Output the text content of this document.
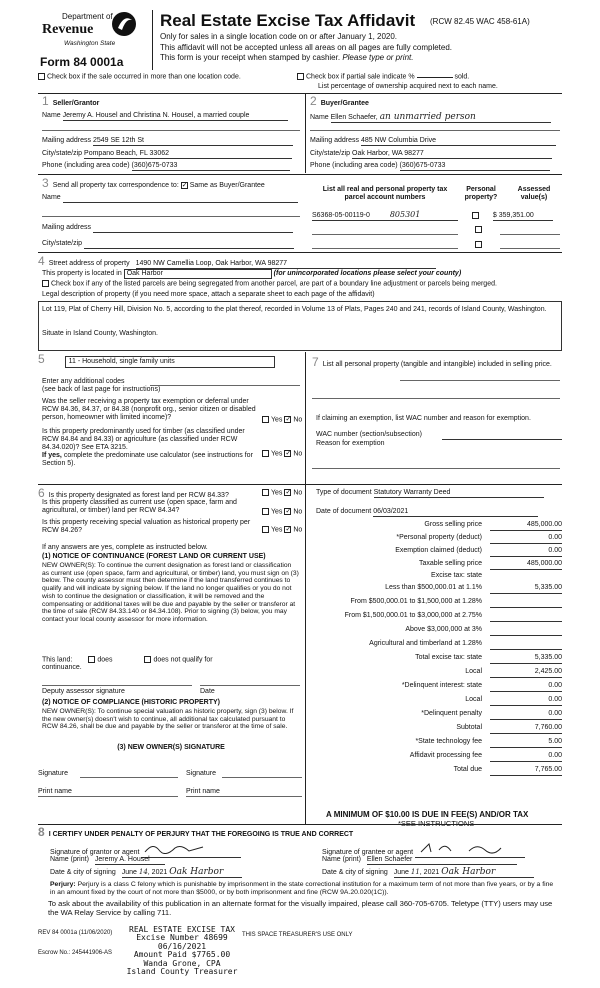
Department of
Revenue
Washington State
Form 84 0001a
Real Estate Excise Tax Affidavit (RCW 82.45 WAC 458-61A)
Only for sales in a single location code on or after January 1, 2020.
This affidavit will not be accepted unless all areas on all pages are fully completed.
This form is your receipt when stamped by cashier. Please type or print.
Check box if the sale occurred in more than one location code.	Check box if partial sale indicate %	sold.
List percentage of ownership acquired next to each name.
1 Seller/Grantor
Name Jeremy A. Housel and Christina N. Housel, a married couple
Mailing address 2549 SE 12th St
City/state/zip Pompano Beach, FL 33062
Phone (including area code) (360)675-0733
2 Buyer/Grantee
Name Ellen Schaefer, an unmarried person
Mailing address 485 NW Columbia Drive
City/state/zip Oak Harbor, WA 98277
Phone (including area code) (360)675-0733
3 Send all property tax correspondence to: ✓ Same as Buyer/Grantee
Name
Mailing address
City/state/zip
List all real and personal property tax parcel account numbers
Personal property?
Assessed value(s)
S6368-05-00119-0 805301	$ 359,351.00
4 Street address of property 1490 NW Camellia Loop, Oak Harbor, WA 98277
This property is located in Oak Harbor	(for unincorporated locations please select your county)
Check box if any of the listed parcels are being segregated from another parcel, are part of a boundary line adjustment or parcels being merged.
Legal description of property (if you need more space, attach a separate sheet to each page of the affidavit)
Lot 119, Plat of Cherry Hill, Division No. 5, according to the plat thereof, recorded in Volume 13 of Plats, Pages 240 and 241, records of Island County, Washington.
Situate in Island County, Washington.
5	11 - Household, single family units
Enter any additional codes
(see back of last page for instructions)
Was the seller receiving a property tax exemption or deferral under RCW 84.36, 84.37, or 84.38 (nonprofit org., senior citizen or disabled person, homeowner with limited income)?	Yes ✓ No
Is this property predominantly used for timber (as classified under RCW 84.84 and 84.33) or agriculture (as classified under RCW 84.34.020)? See ETA 3215.
If yes, complete the predominate use calculator (see instructions for Section 5).
Yes ✓ No
7 List all personal property (tangible and intangible) included in selling price.
If claiming an exemption, list WAC number and reason for exemption.
WAC number (section/subsection)
Reason for exemption
6 Is this property designated as forest land per RCW 84.33?	Yes ✓ No
Is this property classified as current use (open space, farm and agricultural, or timber) land per RCW 84.34?	Yes ✓ No
Is this property receiving special valuation as historical property per RCW 84.26?	Yes ✓ No
If any answers are yes, complete as instructed below.
(1) NOTICE OF CONTINUANCE (FOREST LAND OR CURRENT USE)
NEW OWNER(S): To continue the current designation as forest land or classification as current use (open space, farm and agricultural, or timber) land, you must sign on (3) below. The county assessor must then determine if the land transferred continues to qualify and will indicate by signing below. If the land no longer qualifies or you do not wish to continue the designation or classification, it will be removed and the compensating or additional taxes will be due and payable by the seller or transferor at the time of sale (RCW 84.33.140 or 84.34.108). Prior to signing (3) below, you may contact your local county assessor for more information.
This land:	does	does not qualify for
continuance.
Deputy assessor signature	Date
(2) NOTICE OF COMPLIANCE (HISTORIC PROPERTY)
NEW OWNER(S): To continue special valuation as historic property, sign (3) below. If the new owner(s) doesn't wish to continue, all additional tax calculated pursuant to RCW 84.26, shall be due and payable by the seller or transferor at the time of sale.
(3) NEW OWNER(S) SIGNATURE
Signature	Signature
Print name	Print name
Type of document Statutory Warranty Deed
Date of document 06/03/2021
Gross selling price	485,000.00
*Personal property (deduct)	0.00
Exemption claimed (deduct)	0.00
Taxable selling price	485,000.00
Excise tax: state
Less than $500,000.01 at 1.1%	5,335.00
From $500,000.01 to $1,500,000 at 1.28%
From $1,500,000.01 to $3,000,000 at 2.75%
Above $3,000,000 at 3%
Agricultural and timberland at 1.28%
Total excise tax: state	5,335.00
Local	2,425.00
*Delinquent interest: state	0.00
Local	0.00
*Delinquent penalty	0.00
Subtotal	7,760.00
*State technology fee	5.00
Affidavit processing fee	0.00
Total due	7,765.00
A MINIMUM OF $10.00 IS DUE IN FEE(S) AND/OR TAX
8 I CERTIFY UNDER PENALTY OF PERJURY THAT THE FOREGOING IS TRUE AND CORRECT
Signature of grantor or agent
Name (print) Jeremy A. Housel
Date & city of signing June 14, 2021 Oak Harbor
Signature of grantee or agent
Name (print) Ellen Schaefer
Date & city of signing June 11, 2021 Oak Harbor
Perjury: Perjury is a class C felony which is punishable by imprisonment in the state correctional institution for a maximum term of not more than five years, or by a fine in an amount fixed by the court of not more than $5000, or by both imprisonment and fine (RCW 9A.20.020(1C)).
To ask about the availability of this publication in an alternate format for the visually impaired, please call 360-705-6705. Teletype (TTY) users may use the WA Relay Service by calling 711.
REV 84 0001a (11/06/2020)
Escrow No.: 245441906-AS
THIS SPACE TREASURER'S USE ONLY
REAL ESTATE EXCISE TAX
Excise Number 48699
06/16/2021
Amount Paid $7765.00
Wanda Grone, CPA
Island County Treasurer
